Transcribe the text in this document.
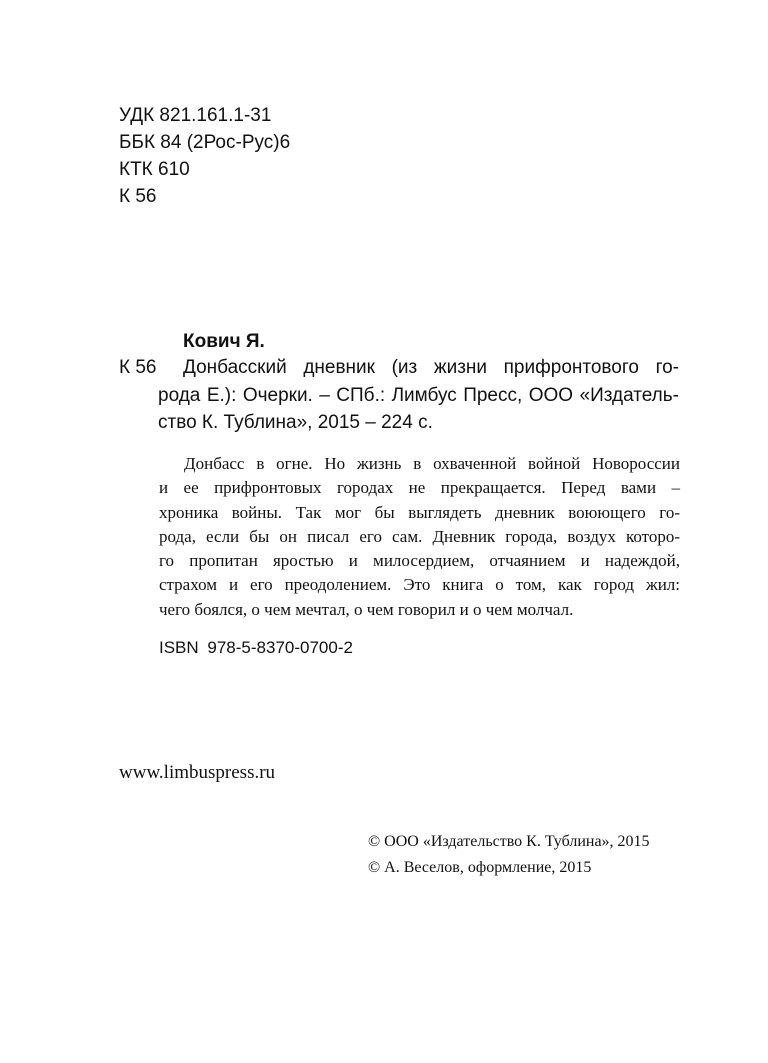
УДК 821.161.1-31
ББК 84 (2Рос-Рус)6
КТК 610
К 56
Кович Я.
К 56 Донбасский дневник (из жизни прифронтового го-
рода Е.): Очерки. – СПб.: Лимбус Пресс, ООО «Издатель-
ство К. Тублина», 2015 – 224 с.
Донбасс в огне. Но жизнь в охваченной войной Новороссии
и ее прифронтовых городах не прекращается. Перед вами –
хроника войны. Так мог бы выглядеть дневник воюющего го-
рода, если бы он писал его сам. Дневник города, воздух которо-
го пропитан яростью и милосердием, отчаянием и надеждой,
страхом и его преодолением. Это книга о том, как город жил:
чего боялся, о чем мечтал, о чем говорил и о чем молчал.
ISBN 978-5-8370-0700-2
www.limbuspress.ru
© ООО «Издательство К. Тублина», 2015
© А. Веселов, оформление, 2015
